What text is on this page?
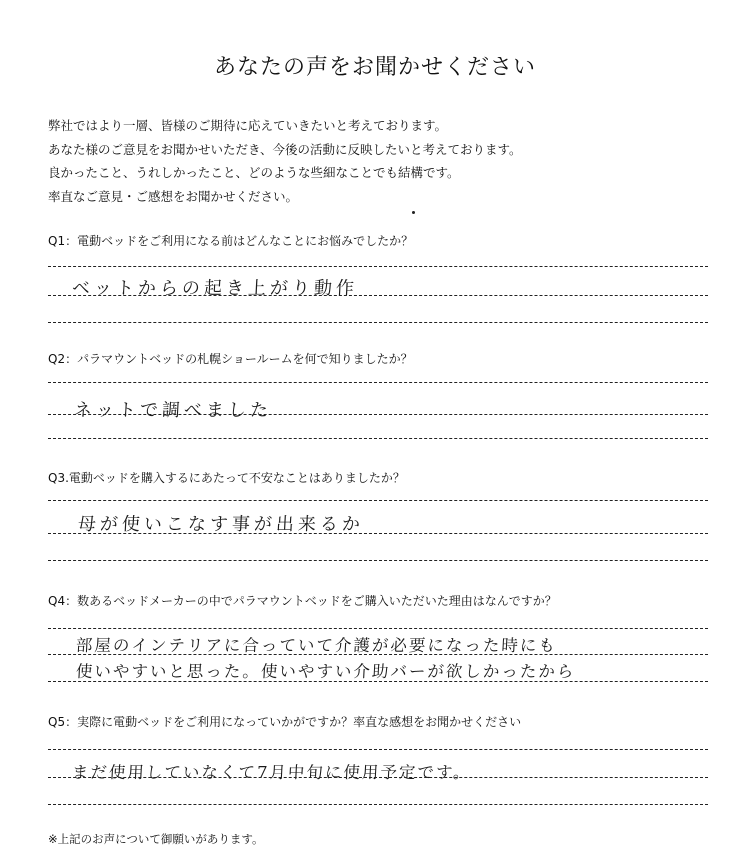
あなたの声をお聞かせください
弊社ではより一層、皆様のご期待に応えていきたいと考えております。
あなた様のご意見をお聞かせいただき、今後の活動に反映したいと考えております。
良かったこと、うれしかったこと、どのような些細なことでも結構です。
率直なご意見・ご感想をお聞かせください。
Q1：電動ベッドをご利用になる前はどんなことにお悩みでしたか？
ベットからの起き上がり動作
Q2：パラマウントベッドの札幌ショールームを何で知りましたか？
ネットで調べました
Q3.電動ベッドを購入するにあたって不安なことはありましたか？
母が使いこなす事が出来るか
Q4：数あるベッドメーカーの中でパラマウントベッドをご購入いただいた理由はなんですか？
部屋のインテリアに合っていて介護が必要になった時にも
使いやすいと思った。使いやすい介助バーが欲しかったから
Q5：実際に電動ベッドをご利用になっていかがですか？率直な感想をお聞かせください
まだ使用していなくて7月中旬に使用予定です。
※上記のお声について御願いがあります。
